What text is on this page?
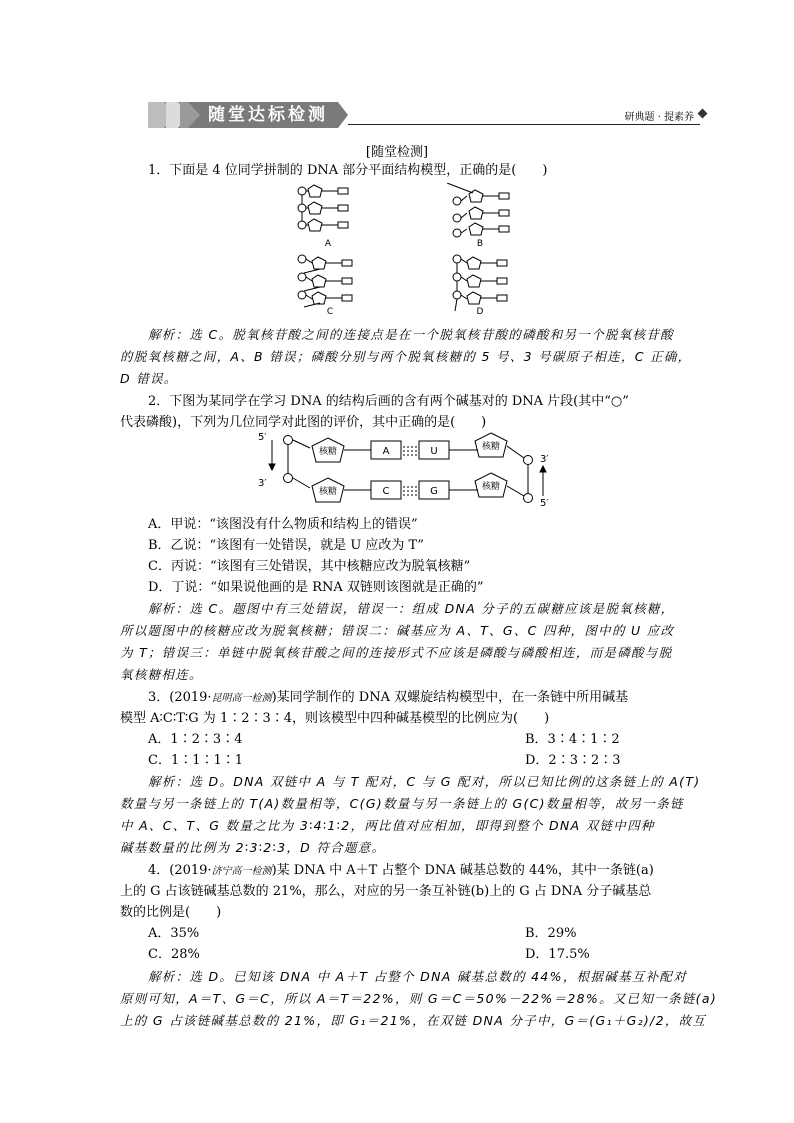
随堂达标检测	研典题 · 提素养
[随堂检测]
1．下面是 4 位同学拼制的 DNA 部分平面结构模型，正确的是(　　)
A	B
C	D
解析：选 C。脱氧核苷酸之间的连接点是在一个脱氧核苷酸的磷酸和另一个脱氧核苷酸
的脱氧核糖之间，A、B 错误；磷酸分别与两个脱氧核糖的 5 号、3 号碳原子相连，C 正确，
D 错误。
2．下图为某同学在学习 DNA 的结构后画的含有两个碱基对的 DNA 片段(其中“○”
代表磷酸)，下列为几位同学对此图的评价，其中正确的是(　　)
核糖
核糖
核糖
核糖
A	U
C	G
5′
3′
3′
5′
A．甲说：“该图没有什么物质和结构上的错误”
B．乙说：“该图有一处错误，就是 U 应改为 T”
C．丙说：“该图有三处错误，其中核糖应改为脱氧核糖”
D．丁说：“如果说他画的是 RNA 双链则该图就是正确的”
解析：选 C。题图中有三处错误，错误一：组成 DNA 分子的五碳糖应该是脱氧核糖，
所以题图中的核糖应改为脱氧核糖；错误二：碱基应为 A、T、G、C 四种，图中的 U 应改
为 T；错误三：单链中脱氧核苷酸之间的连接形式不应该是磷酸与磷酸相连，而是磷酸与脱
氧核糖相连。
3．(2019·昆明高一检测)某同学制作的 DNA 双螺旋结构模型中，在一条链中所用碱基
模型 A∶C∶T∶G 为 1∶2∶3∶4，则该模型中四种碱基模型的比例应为(　　)
A．1∶2∶3∶4	B．3∶4∶1∶2
C．1∶1∶1∶1	D．2∶3∶2∶3
解析：选 D。DNA 双链中 A 与 T 配对，C 与 G 配对，所以已知比例的这条链上的 A(T)
数量与另一条链上的 T(A)数量相等，C(G)数量与另一条链上的 G(C)数量相等，故另一条链
中 A、C、T、G 数量之比为 3∶4∶1∶2，两比值对应相加，即得到整个 DNA 双链中四种
碱基数量的比例为 2∶3∶2∶3，D 符合题意。
4．(2019·济宁高一检测)某 DNA 中 A＋T 占整个 DNA 碱基总数的 44%，其中一条链(a)
上的 G 占该链碱基总数的 21%，那么，对应的另一条互补链(b)上的 G 占 DNA 分子碱基总
数的比例是(　　)
A．35%	B．29%
C．28%	D．17.5%
解析：选 D。已知该 DNA 中 A＋T 占整个 DNA 碱基总数的 44%，根据碱基互补配对
原则可知，A＝T、G＝C，所以 A＝T＝22%，则 G＝C＝50%－22%＝28%。又已知一条链(a)
上的 G 占该链碱基总数的 21%，即 G₁＝21%，在双链 DNA 分子中，G＝(G₁＋G₂)/2，故互
